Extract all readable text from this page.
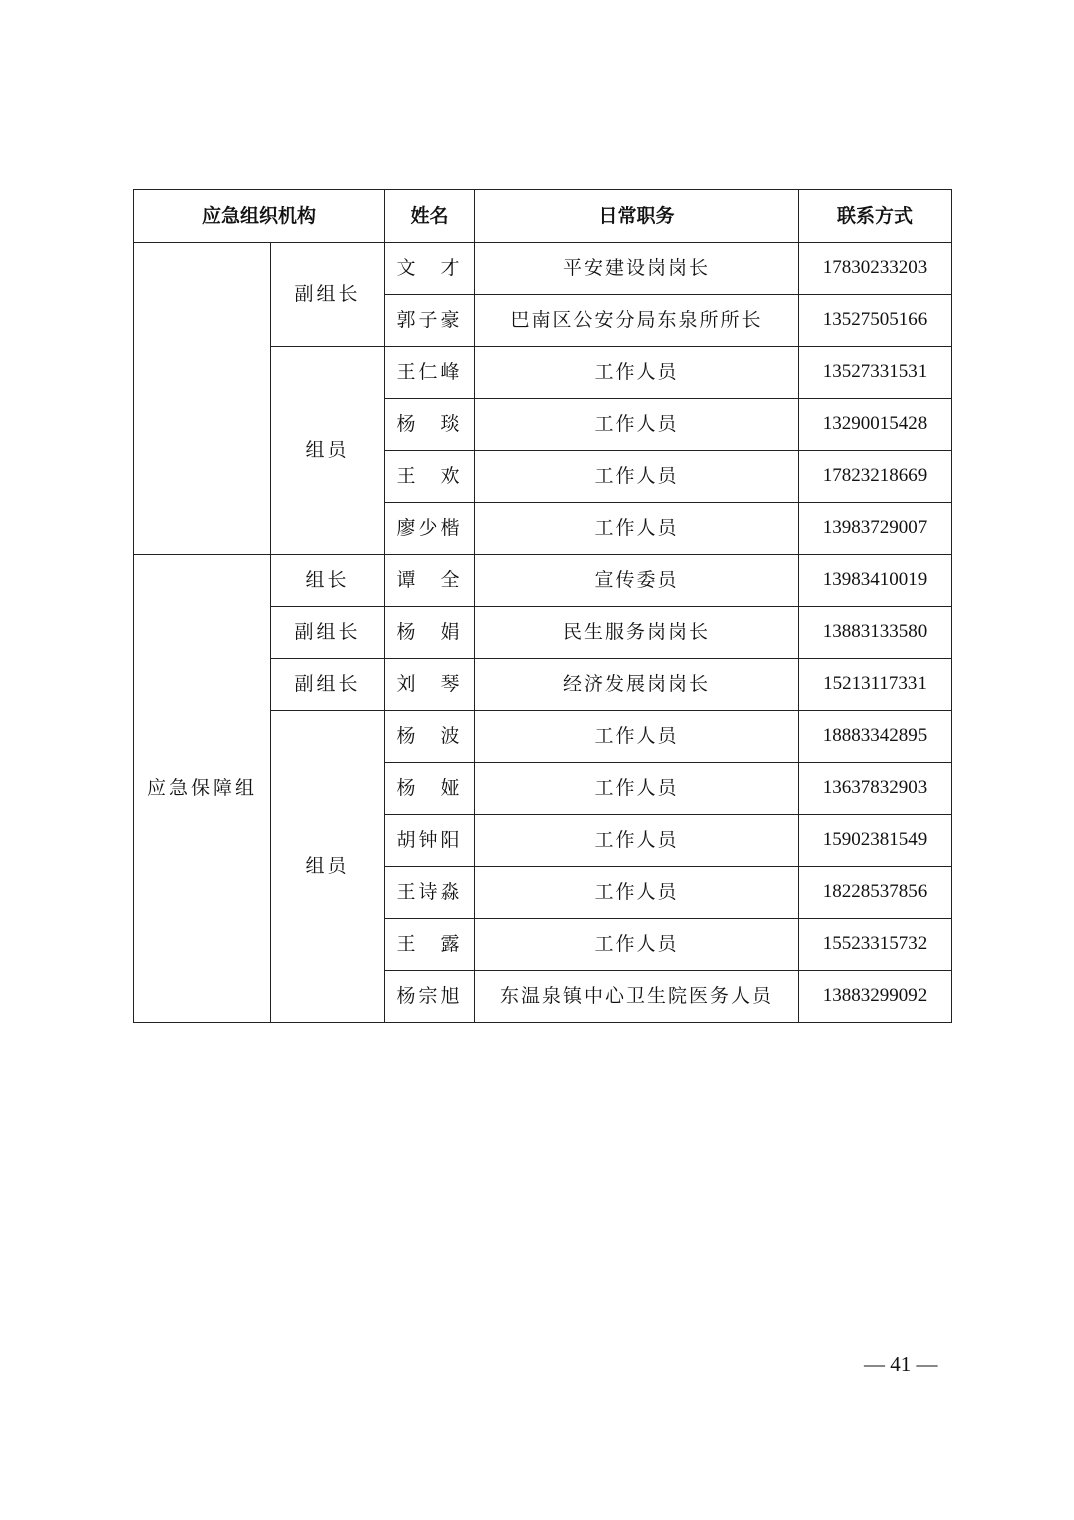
应急组织机构		姓名	日常职务	联系方式
	副组长	文　才	平安建设岗岗长	17830233203
		郭子豪	巴南区公安分局东泉所所长	13527505166
	组员	王仁峰	工作人员	13527331531
		杨　琰	工作人员	13290015428
		王　欢	工作人员	17823218669
		廖少楷	工作人员	13983729007
应急保障组	组长	谭　全	宣传委员	13983410019
	副组长	杨　娟	民生服务岗岗长	13883133580
	副组长	刘　琴	经济发展岗岗长	15213117331
	组员	杨　波	工作人员	18883342895
		杨　娅	工作人员	13637832903
		胡钟阳	工作人员	15902381549
		王诗淼	工作人员	18228537856
		王　露	工作人员	15523315732
		杨宗旭	东温泉镇中心卫生院医务人员	13883299092
— 41 —
